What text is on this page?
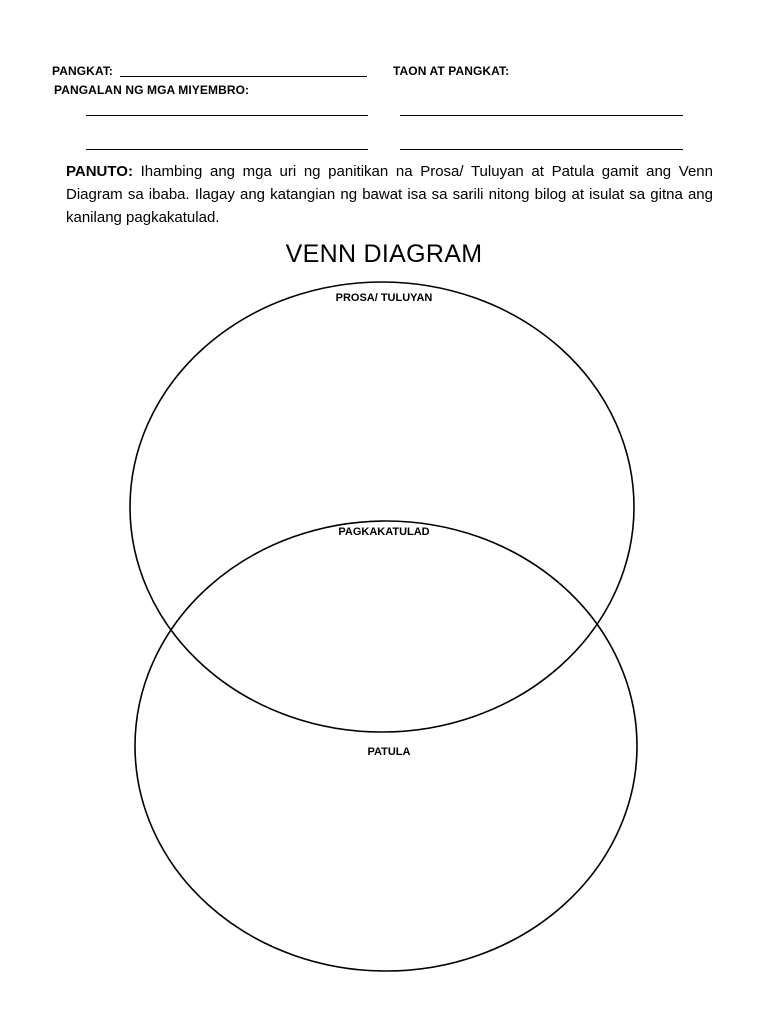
PANGKAT:	TAON AT PANGKAT:
PANGALAN NG MGA MIYEMBRO:
PANUTO: Ihambing ang mga uri ng panitikan na Prosa/ Tuluyan at Patula gamit ang Venn Diagram sa ibaba. Ilagay ang katangian ng bawat isa sa sarili nitong bilog at isulat sa gitna ang kanilang pagkakatulad.
VENN DIAGRAM
PROSA/ TULUYAN
PAGKAKATULAD
PATULA
